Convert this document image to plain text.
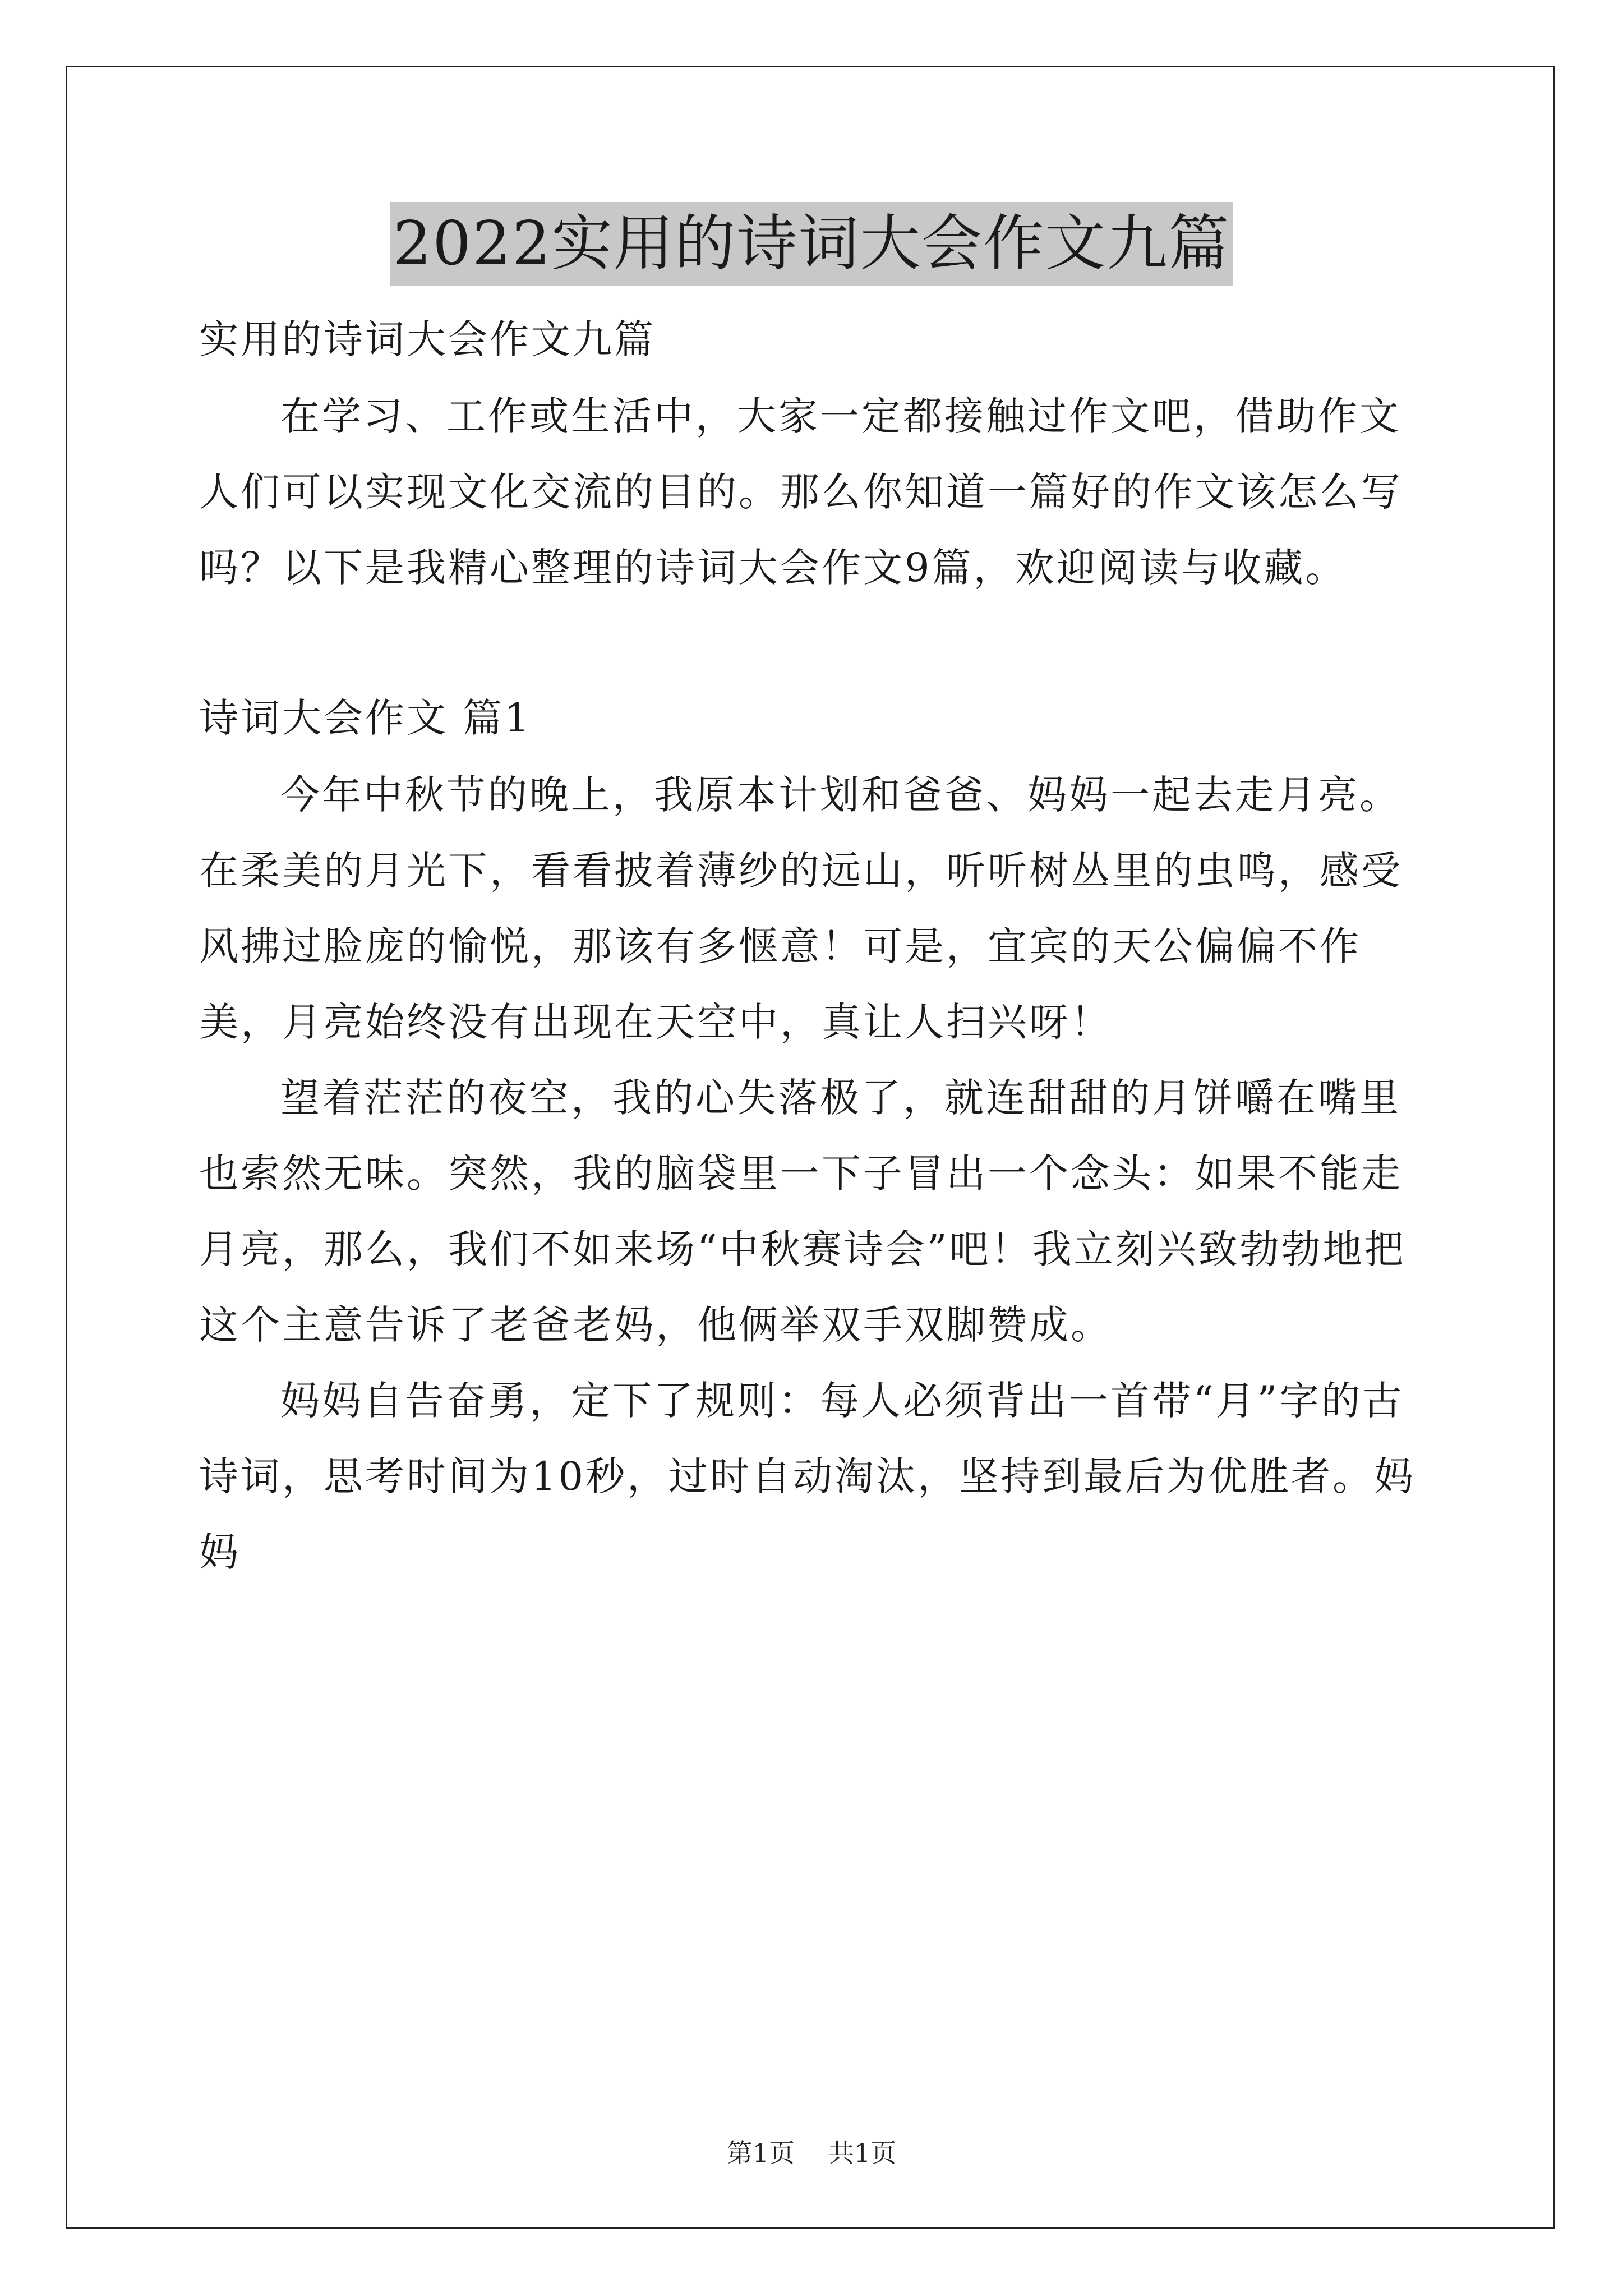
2022实用的诗词大会作文九篇
实用的诗词大会作文九篇

在学习、工作或生活中，大家一定都接触过作文吧，借助作文人们可以实现文化交流的目的。那么你知道一篇好的作文该怎么写吗？以下是我精心整理的诗词大会作文9篇，欢迎阅读与收藏。

诗词大会作文 篇1

今年中秋节的晚上，我原本计划和爸爸、妈妈一起去走月亮。在柔美的月光下，看看披着薄纱的远山，听听树丛里的虫鸣，感受风拂过脸庞的愉悦，那该有多惬意！可是，宜宾的天公偏偏不作美，月亮始终没有出现在天空中，真让人扫兴呀！

望着茫茫的夜空，我的心失落极了，就连甜甜的月饼嚼在嘴里也索然无味。突然，我的脑袋里一下子冒出一个念头：如果不能走月亮，那么，我们不如来场“中秋赛诗会”吧！我立刻兴致勃勃地把这个主意告诉了老爸老妈，他俩举双手双脚赞成。

妈妈自告奋勇，定下了规则：每人必须背出一首带“月”字的古诗词，思考时间为10秒，过时自动淘汰，坚持到最后为优胜者。妈妈

第1页 共1页
